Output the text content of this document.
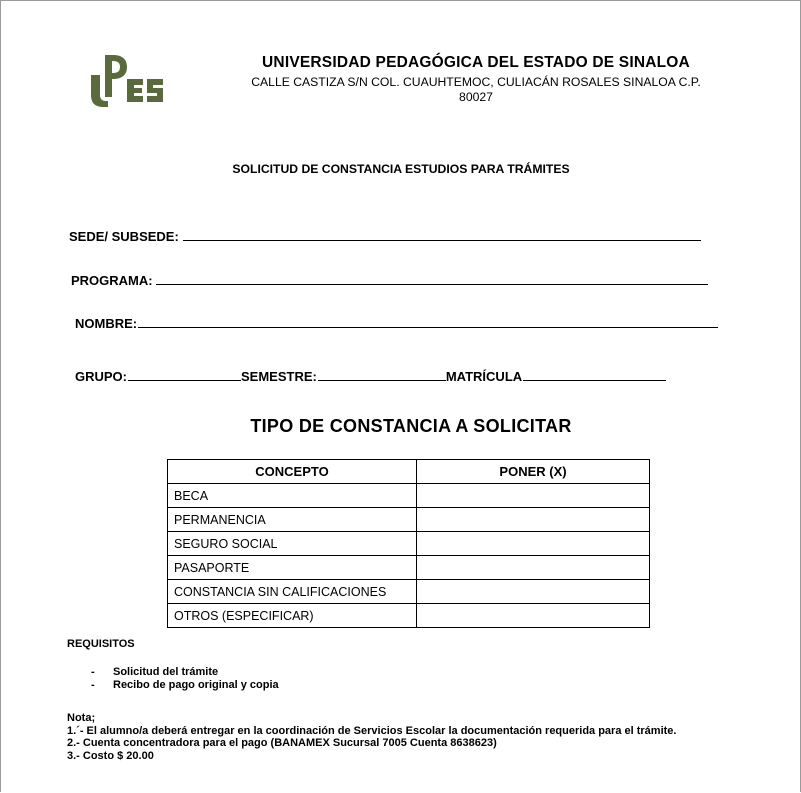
UNIVERSIDAD PEDAGÓGICA DEL ESTADO DE SINALOA
CALLE CASTIZA S/N COL. CUAUHTEMOC, CULIACÁN ROSALES SINALOA C.P.
80027
SOLICITUD DE CONSTANCIA ESTUDIOS PARA TRÁMITES
SEDE/ SUBSEDE:
PROGRAMA:
NOMBRE:
GRUPO:	SEMESTRE:	MATRÍCULA
TIPO DE CONSTANCIA A SOLICITAR
CONCEPTO	PONER (X)
BECA	
PERMANENCIA	
SEGURO SOCIAL	
PASAPORTE	
CONSTANCIA SIN CALIFICACIONES	
OTROS (ESPECIFICAR)	
REQUISITOS
- Solicitud del trámite
- Recibo de pago original y copia
Nota;
1.´- El alumno/a deberá entregar en la coordinación de Servicios Escolar la documentación requerida para el trámite.
2.- Cuenta concentradora para el pago (BANAMEX Sucursal 7005 Cuenta 8638623)
3.- Costo $ 20.00
